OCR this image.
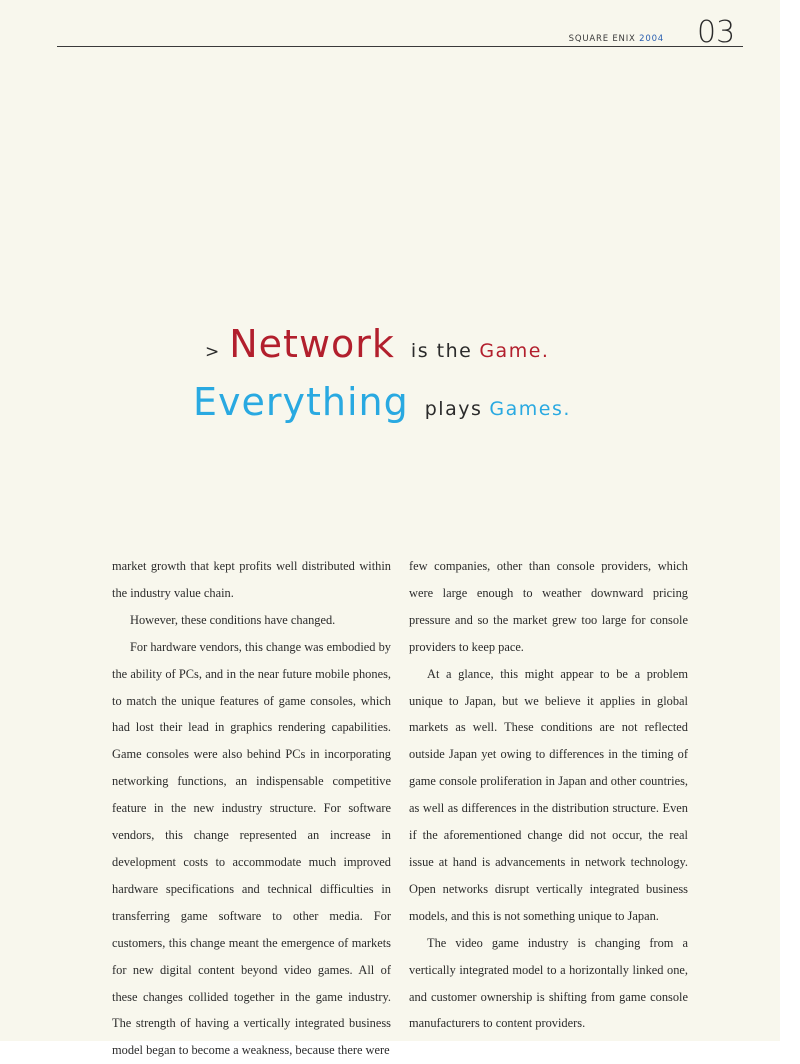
SQUARE ENIX 2004 03
> Network is the Game.
Everything plays Games.

market growth that kept profits well distributed within the industry value chain.

However, these conditions have changed.

For hardware vendors, this change was embodied by the ability of PCs, and in the near future mobile phones, to match the unique features of game consoles, which had lost their lead in graphics rendering capabilities. Game consoles were also behind PCs in incorporating networking functions, an indispensable competitive feature in the new industry structure. For software vendors, this change represented an increase in development costs to accommodate much improved hardware specifications and technical difficulties in transferring game software to other media. For customers, this change meant the emergence of markets for new digital content beyond video games. All of these changes collided together in the game industry. The strength of having a vertically integrated business model began to become a weakness, because there were

few companies, other than console providers, which were large enough to weather downward pricing pressure and so the market grew too large for console providers to keep pace.

At a glance, this might appear to be a problem unique to Japan, but we believe it applies in global markets as well. These conditions are not reflected outside Japan yet owing to differences in the timing of game console proliferation in Japan and other countries, as well as differences in the distribution structure. Even if the aforementioned change did not occur, the real issue at hand is advancements in network technology. Open networks disrupt vertically integrated business models, and this is not something unique to Japan.

The video game industry is changing from a vertically integrated model to a horizontally linked one, and customer ownership is shifting from game console manufacturers to content providers.
